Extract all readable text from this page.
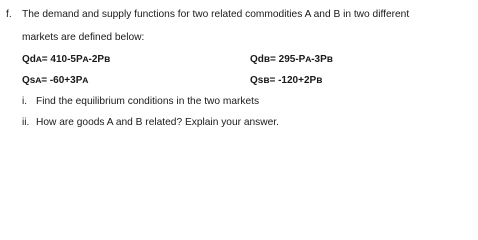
f. The demand and supply functions for two related commodities A and B in two different
markets are defined below:
Qdᴀ= 410-5Pᴀ-2Pʙ	Qdʙ= 295-Pᴀ-3Pʙ
Qsᴀ= -60+3Pᴀ	Qsʙ= -120+2Pʙ
i. Find the equilibrium conditions in the two markets
ii. How are goods A and B related? Explain your answer.
